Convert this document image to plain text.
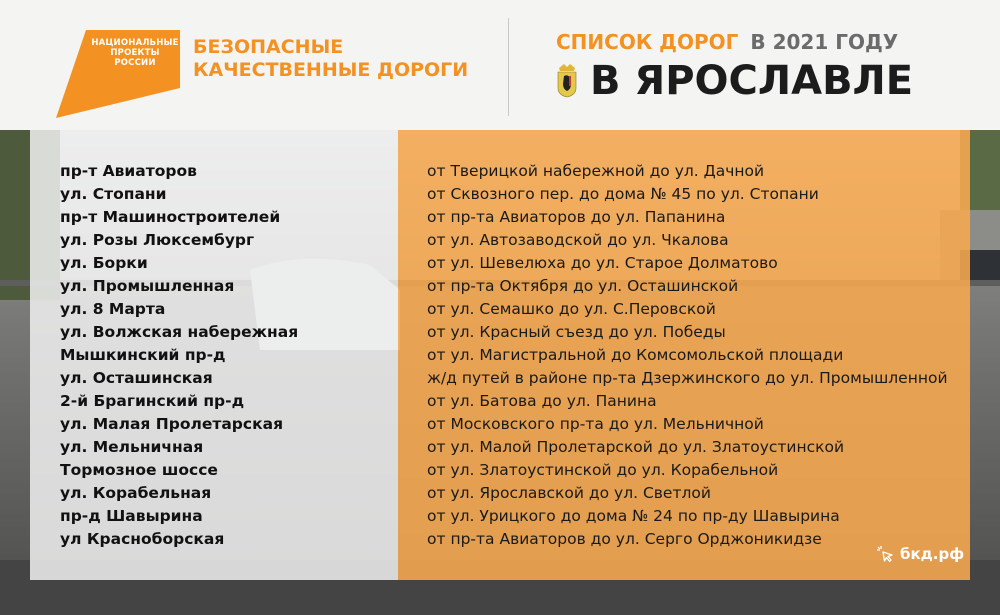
НАЦИОНАЛЬНЫЕ
ПРОЕКТЫ
РОССИИ
БЕЗОПАСНЫЕ
КАЧЕСТВЕННЫЕ ДОРОГИ
СПИСОК ДОРОГ В 2021 ГОДУ
В ЯРОСЛАВЛЕ
пр-т Авиаторов	от Тверицкой набережной до ул. Дачной
ул. Стопани	от Сквозного пер. до дома № 45 по ул. Стопани
пр-т Машиностроителей	от пр-та Авиаторов до ул. Папанина
ул. Розы Люксембург	от ул. Автозаводской до ул. Чкалова
ул. Борки	от ул. Шевелюха до ул. Старое Долматово
ул. Промышленная	от пр-та Октября до ул. Осташинской
ул. 8 Марта	от ул. Семашко до ул. С.Перовской
ул. Волжская набережная	от ул. Красный съезд до ул. Победы
Мышкинский пр-д	от ул. Магистральной до Комсомольской площади
ул. Осташинская	ж/д путей в районе пр-та Дзержинского до ул. Промышленной
2-й Брагинский пр-д	от ул. Батова до ул. Панина
ул. Малая Пролетарская	от Московского пр-та до ул. Мельничной
ул. Мельничная	от ул. Малой Пролетарской до ул. Златоустинской
Тормозное шоссе	от ул. Златоустинской до ул. Корабельной
ул. Корабельная	от ул. Ярославской до ул. Светлой
пр-д Шавырина	от ул. Урицкого до дома № 24 по пр-ду Шавырина
ул Красноборская	от пр-та Авиаторов до ул. Серго Орджоникидзе
бкд.рф
